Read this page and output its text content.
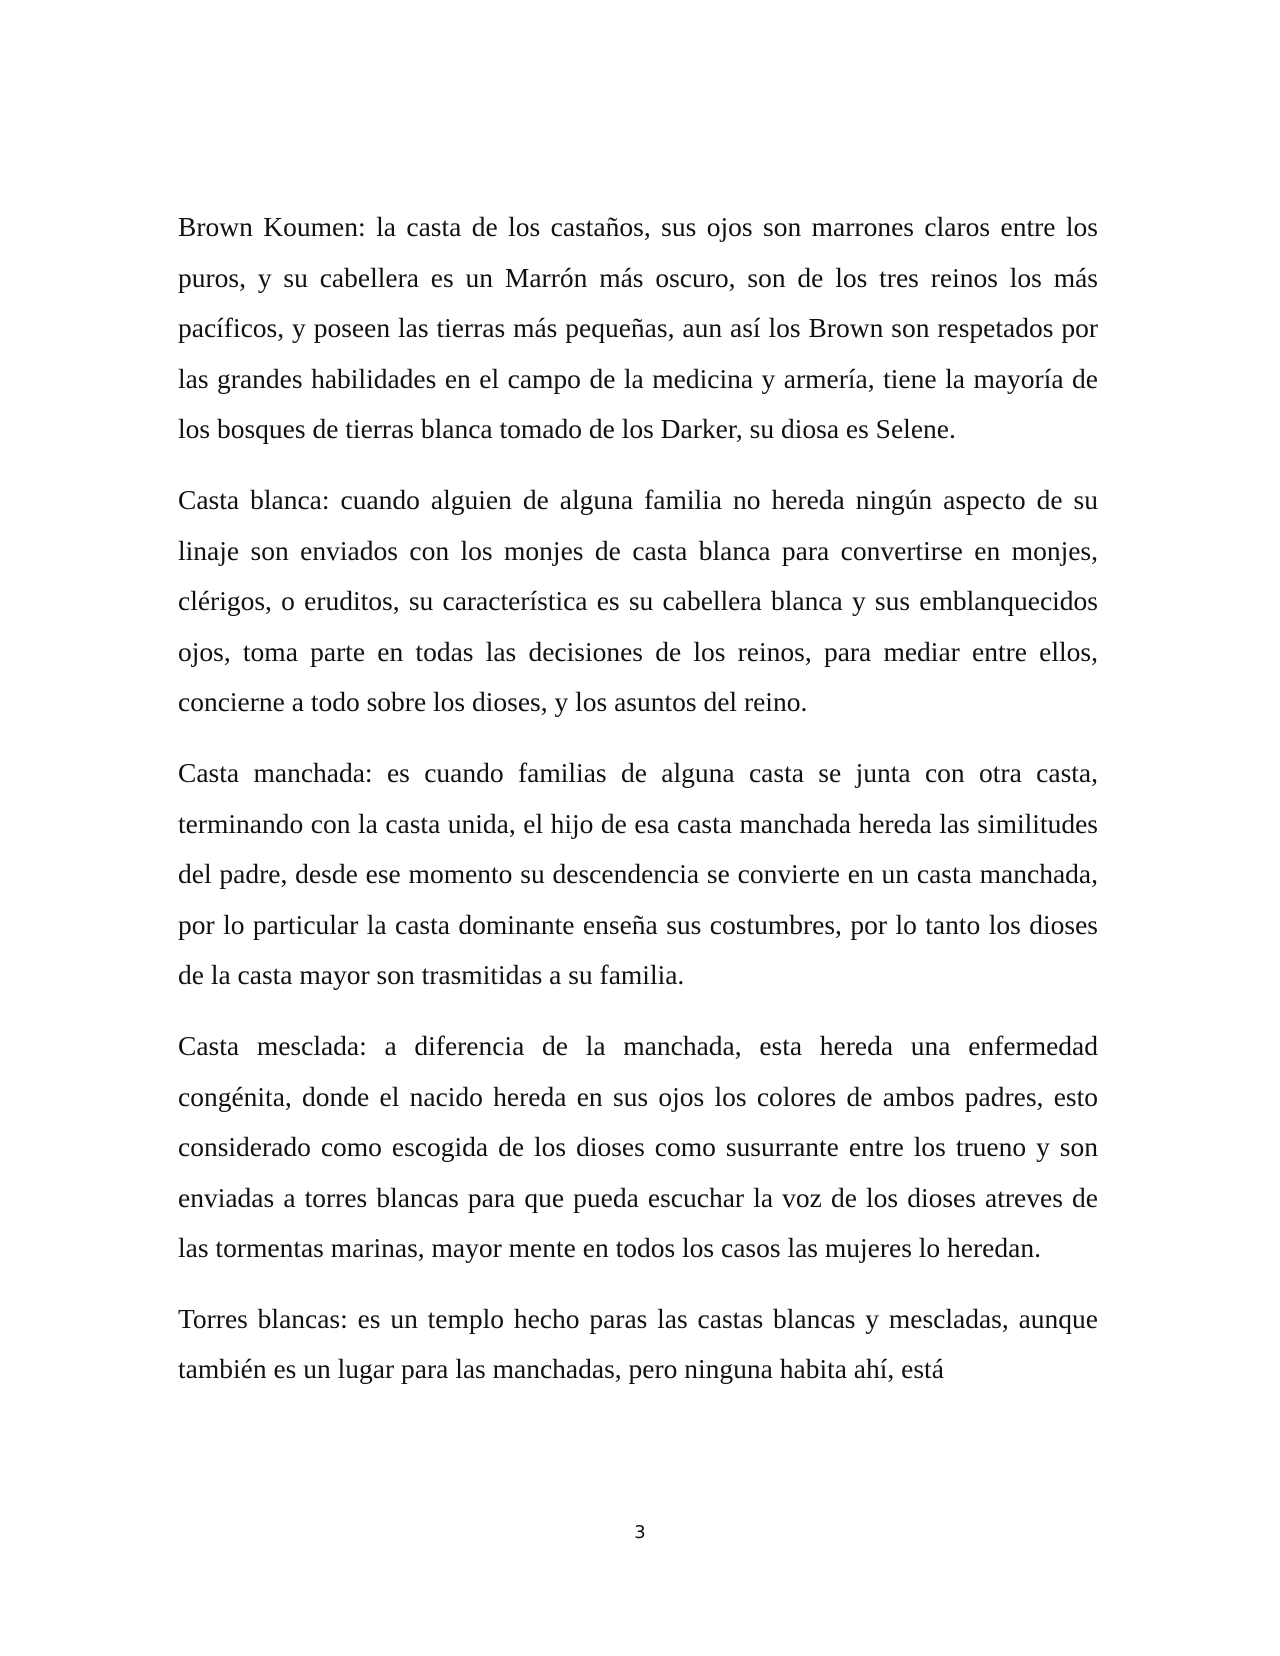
Brown Koumen: la casta de los castaños, sus ojos son marrones claros entre los puros, y su cabellera es un Marrón más oscuro, son de los tres reinos los más pacíficos, y poseen las tierras más pequeñas, aun así los Brown son respetados por las grandes habilidades en el campo de la medicina y armería, tiene la mayoría de los bosques de tierras blanca tomado de los Darker, su diosa es Selene.

Casta blanca: cuando alguien de alguna familia no hereda ningún aspecto de su linaje son enviados con los monjes de casta blanca para convertirse en monjes, clérigos, o eruditos, su característica es su cabellera blanca y sus emblanquecidos ojos, toma parte en todas las decisiones de los reinos, para mediar entre ellos, concierne a todo sobre los dioses, y los asuntos del reino.

Casta manchada: es cuando familias de alguna casta se junta con otra casta, terminando con la casta unida, el hijo de esa casta manchada hereda las similitudes del padre, desde ese momento su descendencia se convierte en un casta manchada, por lo particular la casta dominante enseña sus costumbres, por lo tanto los dioses de la casta mayor son trasmitidas a su familia.

Casta mesclada: a diferencia de la manchada, esta hereda una enfermedad congénita, donde el nacido hereda en sus ojos los colores de ambos padres, esto considerado como escogida de los dioses como susurrante entre los trueno y son enviadas a torres blancas para que pueda escuchar la voz de los dioses atreves de las tormentas marinas, mayor mente en todos los casos las mujeres lo heredan.

Torres blancas: es un templo hecho paras las castas blancas y mescladas, aunque también es un lugar para las manchadas, pero ninguna habita ahí, está

3
